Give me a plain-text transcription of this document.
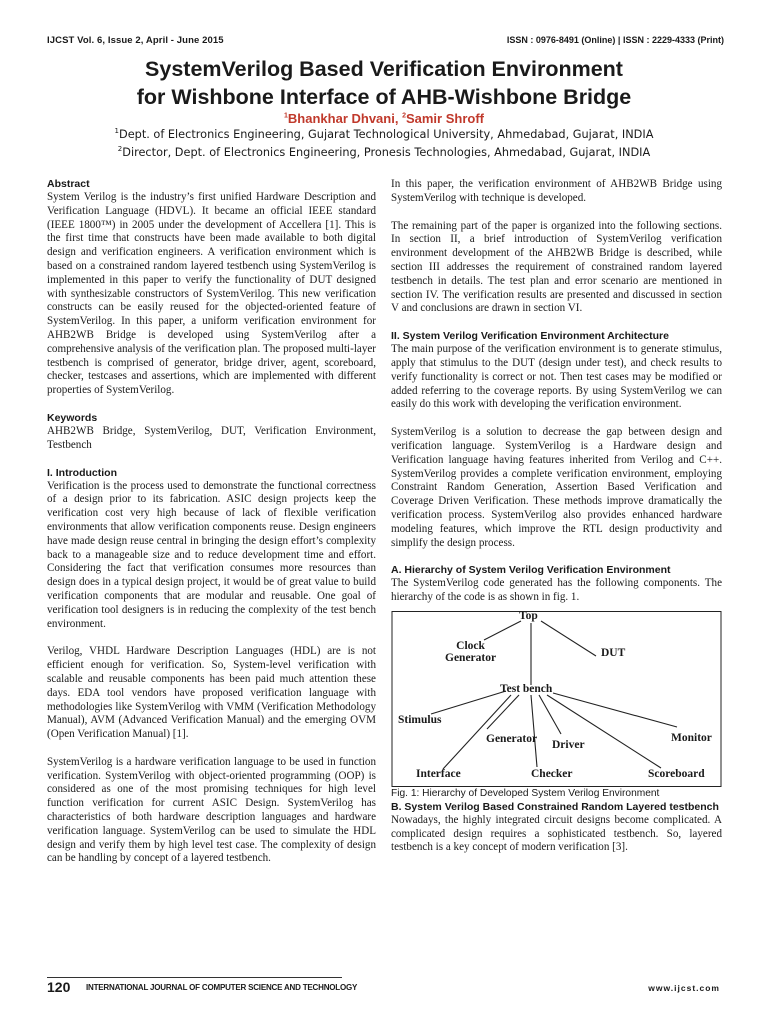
IJCST Vol. 6, Issue 2, April - June 2015	ISSN : 0976-8491 (Online) | ISSN : 2229-4333 (Print)
SystemVerilog Based Verification Environment
for Wishbone Interface of AHB-Wishbone Bridge
$^1$Bhankhar Dhvani, $^2$Samir Shroff
$^1$Dept. of Electronics Engineering, Gujarat Technological University, Ahmedabad, Gujarat, INDIA
$^2$Director, Dept. of Electronics Engineering, Pronesis Technologies, Ahmedabad, Gujarat, INDIA

Abstract

System Verilog is the industry’s first unified Hardware Description and Verification Language (HDVL). It became an official IEEE standard (IEEE 1800™) in 2005 under the development of Accellera [1]. This is the first time that constructs have been made available to both digital design and verification engineers. A verification environment which is based on a constrained random layered testbench using SystemVerilog is implemented in this paper to verify the functionality of DUT designed with synthesizable constructors of SystemVerilog. This new verification constructs can be easily reused for the objected-oriented feature of SystemVerilog. In this paper, a uniform verification environment for AHB2WB Bridge is developed using SystemVerilog after a comprehensive analysis of the verification plan. The proposed multi-layer testbench is comprised of generator, bridge driver, agent, scoreboard, checker, testcases and assertions, which are implemented with different properties of SystemVerilog.

Keywords

AHB2WB Bridge, SystemVerilog, DUT, Verification Environment, Testbench

I. Introduction

Verification is the process used to demonstrate the functional correctness of a design prior to its fabrication. ASIC design projects keep the verification cost very high because of lack of flexible verification environments that allow verification components reuse. Design engineers have made design reuse central in bringing the design effort’s complexity back to a manageable size and to reduce development time and effort. Considering the fact that verification consumes more resources than design does in a typical design project, it would be of great value to build verification components that are modular and reusable. One goal of verification tool designers is in reducing the complexity of the test bench environment.

Verilog, VHDL Hardware Description Languages (HDL) are is not efficient enough for verification. So, System-level verification with scalable and reusable components has been paid much attention these days. EDA tool vendors have proposed verification language with methodologies like SystemVerilog with VMM (Verification Methodology Manual), AVM (Advanced Verification Manual) and the emerging OVM (Open Verification Manual) [1].

SystemVerilog is a hardware verification language to be used in function verification. SystemVerilog with object-oriented programming (OOP) is considered as one of the most promising techniques for high level function verification for current ASIC Design. SystemVerilog has characteristics of both hardware description languages and hardware verification language. SystemVerilog can be used to simulate the HDL design and verify them by high level test case. The complexity of design can be handling by concept of a layered testbench.

In this paper, the verification environment of AHB2WB Bridge using SystemVerilog with technique is developed.

The remaining part of the paper is organized into the following sections. In section II, a brief introduction of SystemVerilog verification environment development of the AHB2WB Bridge is described, while section III addresses the requirement of constrained random layered testbench in details. The test plan and error scenario are mentioned in section IV. The verification results are presented and discussed in section V and conclusions are drawn in section VI.

II. System Verilog Verification Environment Architecture

The main purpose of the verification environment is to generate stimulus, apply that stimulus to the DUT (design under test), and check results to verify functionality is correct or not. Then test cases may be modified or added referring to the coverage reports. By using SystemVerilog we can easily do this work with developing the verification environment.

SystemVerilog is a solution to decrease the gap between design and verification language. SystemVerilog is a Hardware design and Verification language having features inherited from Verilog and C++. SystemVerilog provides a complete verification environment, employing Constraint Random Generation, Assertion Based Verification and Coverage Driven Verification. These methods improve dramatically the verification process. SystemVerilog also provides enhanced hardware modeling features, which improve the RTL design productivity and simplify the design process.

A. Hierarchy of System Verilog Verification Environment

The SystemVerilog code generated has the following components. The hierarchy of the code is as shown in fig. 1.

Top
Clock
Generator	DUT
Test bench
Stimulus
Generator Driver
Monitor
Interface	Checker	Scoreboard

Fig. 1: Hierarchy of Developed System Verilog Environment

B. System Verilog Based Constrained Random Layered testbench

Nowadays, the highly integrated circuit designs become complicated. A complicated design requires a sophisticated testbench. So, layered testbench is a key concept of modern verification [3].

120 INTERNATIONAL JOURNAL OF COMPUTER SCIENCE AND TECHNOLOGY	www.ijcst.com
